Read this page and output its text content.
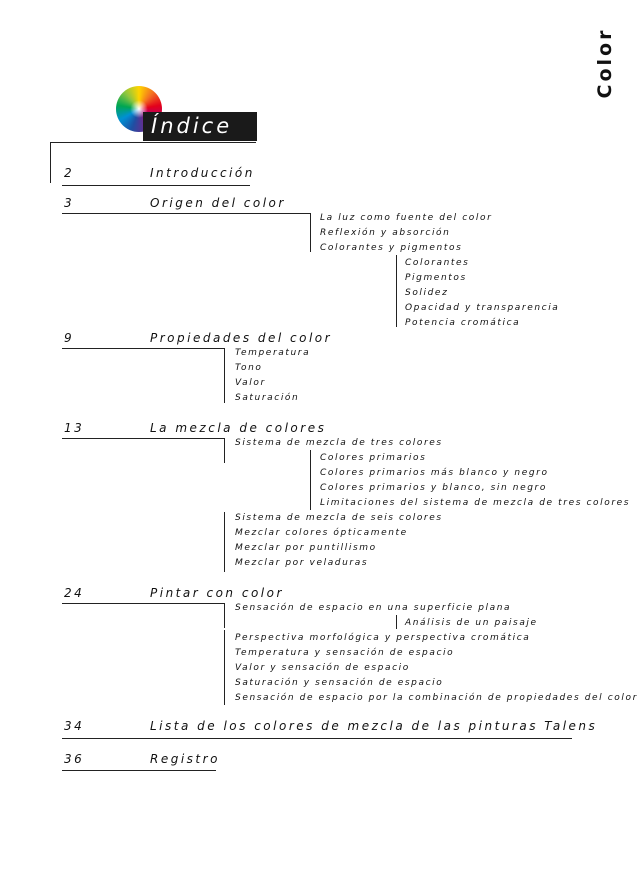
Color
Índice
2	Introducción
3	Origen del color
La luz como fuente del color
Reflexión y absorción
Colorantes y pigmentos
Colorantes
Pigmentos
Solidez
Opacidad y transparencia
Potencia cromática
9	Propiedades del color
Temperatura
Tono
Valor
Saturación
13	La mezcla de colores
Sistema de mezcla de tres colores
Colores primarios
Colores primarios más blanco y negro
Colores primarios y blanco, sin negro
Limitaciones del sistema de mezcla de tres colores
Sistema de mezcla de seis colores
Mezclar colores ópticamente
Mezclar por puntillismo
Mezclar por veladuras
24	Pintar con color
Sensación de espacio en una superficie plana
Análisis de un paisaje
Perspectiva morfológica y perspectiva cromática
Temperatura y sensación de espacio
Valor y sensación de espacio
Saturación y sensación de espacio
Sensación de espacio por la combinación de propiedades del color
34	Lista de los colores de mezcla de las pinturas Talens
36	Registro
